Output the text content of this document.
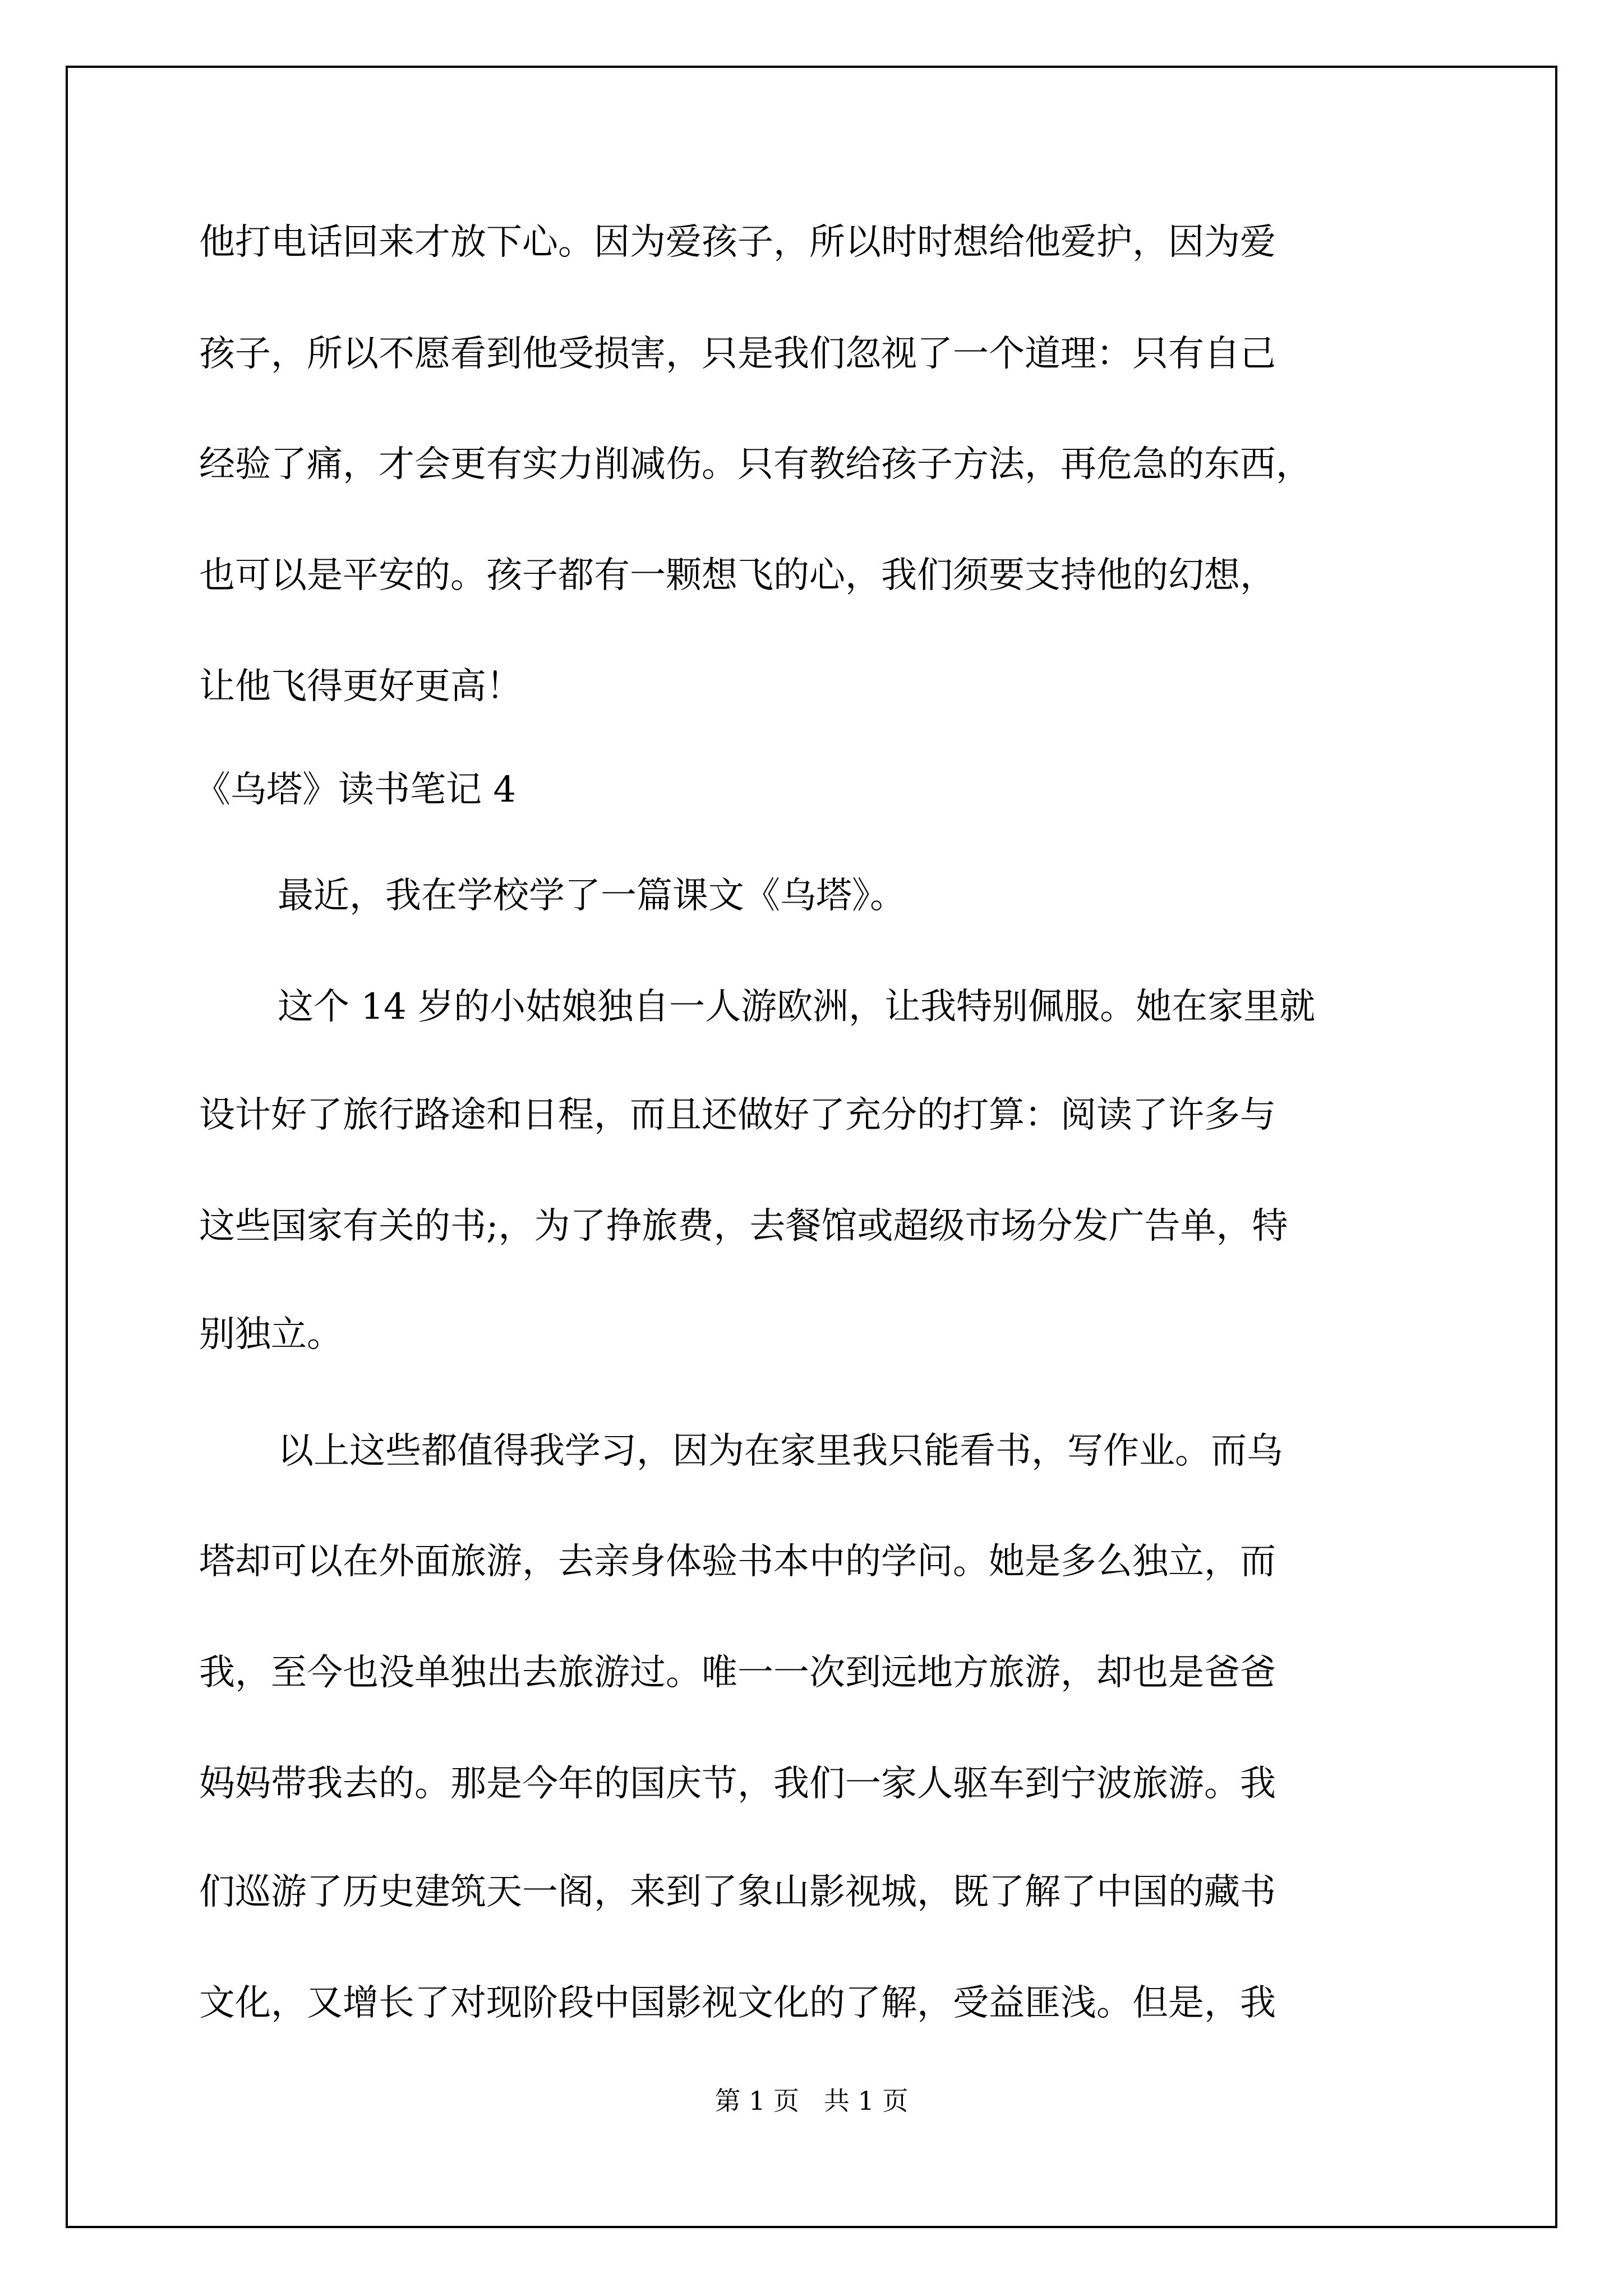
他打电话回来才放下心。因为爱孩子，所以时时想给他爱护，因为爱
孩子，所以不愿看到他受损害，只是我们忽视了一个道理：只有自己
经验了痛，才会更有实力削减伤。只有教给孩子方法，再危急的东西，
也可以是平安的。孩子都有一颗想飞的心，我们须要支持他的幻想，
让他飞得更好更高！
《乌塔》读书笔记 4
最近，我在学校学了一篇课文《乌塔》。
这个 14 岁的小姑娘独自一人游欧洲，让我特别佩服。她在家里就
设计好了旅行路途和日程，而且还做好了充分的打算：阅读了许多与
这些国家有关的书;，为了挣旅费，去餐馆或超级市场分发广告单，特
别独立。
以上这些都值得我学习，因为在家里我只能看书，写作业。而乌
塔却可以在外面旅游，去亲身体验书本中的学问。她是多么独立，而
我，至今也没单独出去旅游过。唯一一次到远地方旅游，却也是爸爸
妈妈带我去的。那是今年的国庆节，我们一家人驱车到宁波旅游。我
们巡游了历史建筑天一阁，来到了象山影视城，既了解了中国的藏书
文化，又增长了对现阶段中国影视文化的了解，受益匪浅。但是，我
第 1 页   共 1 页
